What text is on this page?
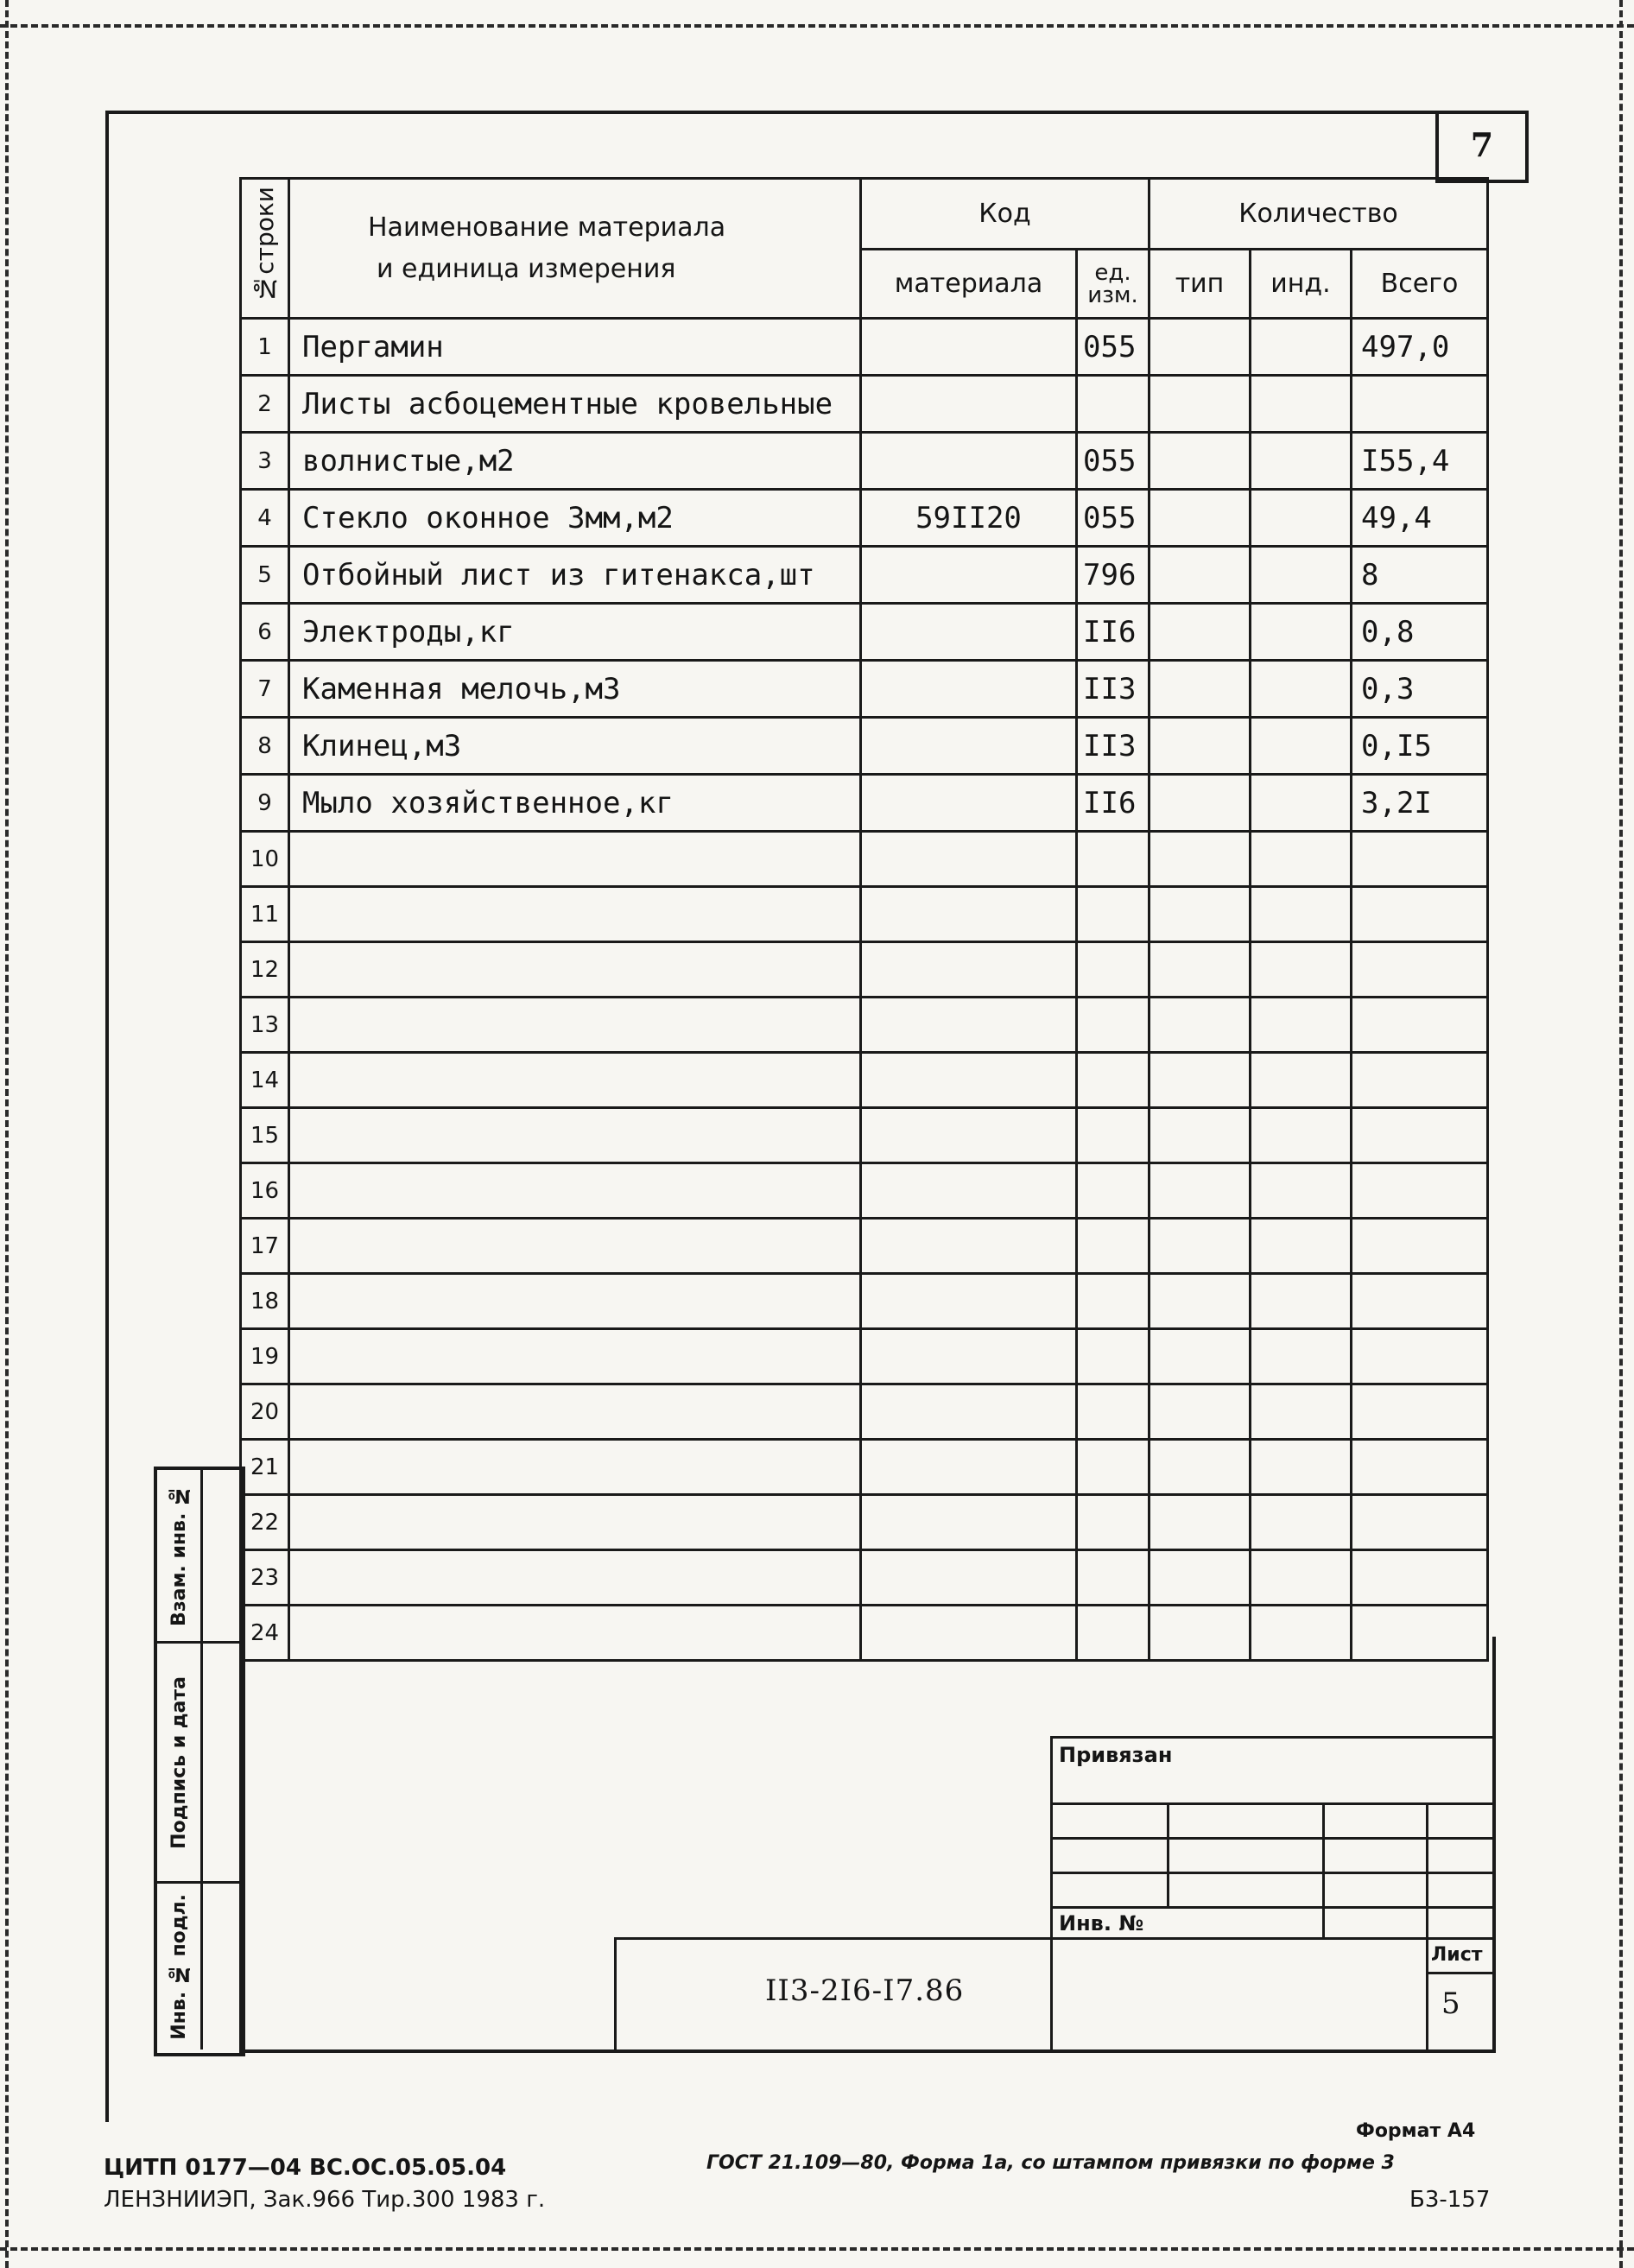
7
№строки	Наименование материала
и единица измерения	Код		Количество		
		материала	ед. изм.	тип	инд.	Всего
1	Пергамин		055			497,0
2	Листы асбоцементные кровельные					
3	волнистые,м2		055			I55,4
4	Стекло оконное 3мм,м2	59II20	055			49,4
5	Отбойный лист из гитенакса,шт		796			8
6	Электроды,кг		II6			0,8
7	Каменная мелочь,м3		II3			0,3
8	Клинец,м3		II3			0,I5
9	Мыло хозяйственное,кг		II6			3,2I
10						
11						
12						
13						
14						
15						
16						
17						
18						
19						
20						
21						
22						
23						
24						
Взам. инв. №
Подпись и дата
Инв. № подл.
Привязан
Инв. №
II3-2I6-I7.86
Лист
5
Формат А4
ЦИТП 0177—04 ВС.ОС.05.05.04	ГОСТ 21.109—80, Форма 1а, со штампом привязки по форме 3
ЛЕНЗНИИЭП, Зак.966 Тир.300 1983 г.	Б3-157
